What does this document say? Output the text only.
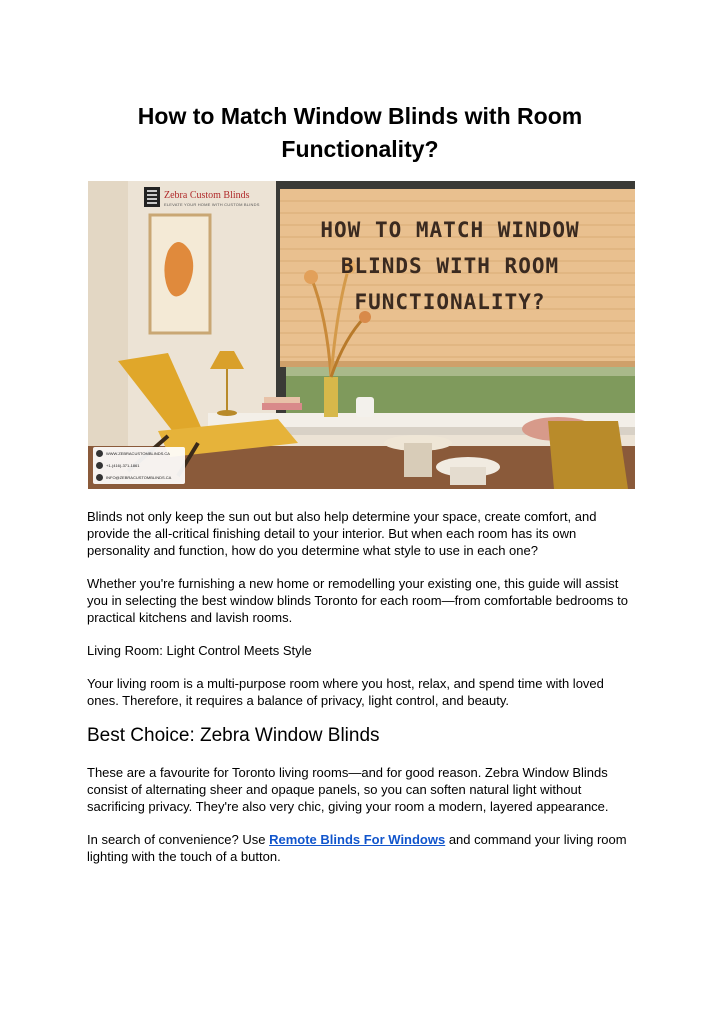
How to Match Window Blinds with Room Functionality?
Zebra Custom Blinds
ELEVATE YOUR HOME WITH CUSTOM BLINDS
HOW TO MATCH WINDOW BLINDS WITH ROOM FUNCTIONALITY?
WWW.ZEBRACUSTOMBLINDS.CA
+1-(416)-371-1861
INFO@ZEBRACUSTOMBLINDS.CA

Blinds not only keep the sun out but also help determine your space, create comfort, and provide the all-critical finishing detail to your interior. But when each room has its own personality and function, how do you determine what style to use in each one?

Whether you're furnishing a new home or remodelling your existing one, this guide will assist you in selecting the best window blinds Toronto for each room—from comfortable bedrooms to practical kitchens and lavish rooms.

Living Room: Light Control Meets Style

Your living room is a multi-purpose room where you host, relax, and spend time with loved ones. Therefore, it requires a balance of privacy, light control, and beauty.

Best Choice: Zebra Window Blinds

These are a favourite for Toronto living rooms—and for good reason. Zebra Window Blinds consist of alternating sheer and opaque panels, so you can soften natural light without sacrificing privacy. They're also very chic, giving your room a modern, layered appearance.

In search of convenience? Use Remote Blinds For Windows and command your living room lighting with the touch of a button.
